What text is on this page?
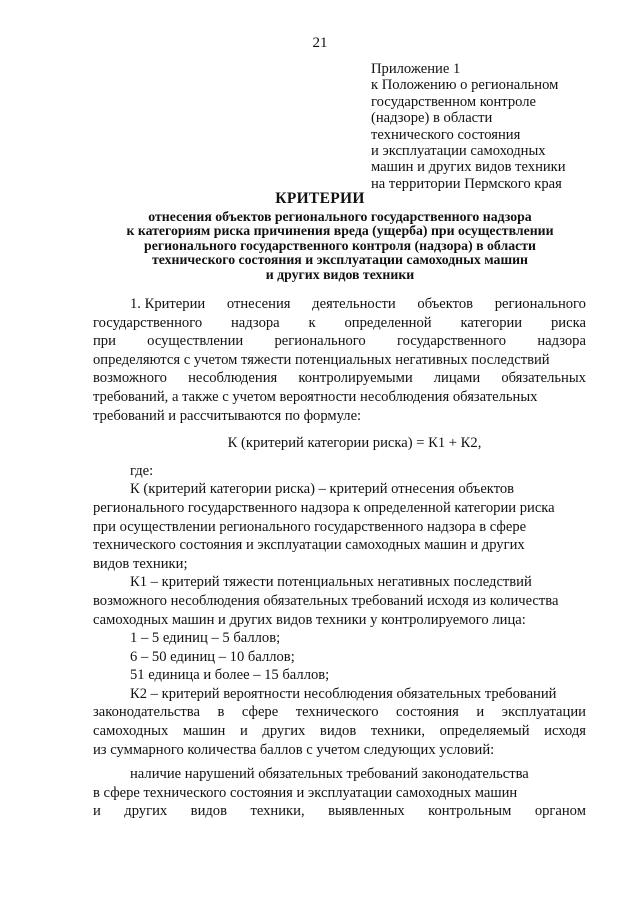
21
Приложение 1
к Положению о региональном
государственном контроле
(надзоре) в области
технического состояния
и эксплуатации самоходных
машин и других видов техники
на территории Пермского края
КРИТЕРИИ
отнесения объектов регионального государственного надзора
к категориям риска причинения вреда (ущерба) при осуществлении
регионального государственного контроля (надзора) в области
технического состояния и эксплуатации самоходных машин
и других видов техники
1. Критерии отнесения деятельности объектов регионального
государственного надзора к определенной категории риска
при осуществлении регионального государственного надзора
определяются с учетом тяжести потенциальных негативных последствий
возможного несоблюдения контролируемыми лицами обязательных
требований, а также с учетом вероятности несоблюдения обязательных
требований и рассчитываются по формуле:
К (критерий категории риска) = К1 + К2,
где:
К (критерий категории риска) – критерий отнесения объектов
регионального государственного надзора к определенной категории риска
при осуществлении регионального государственного надзора в сфере
технического состояния и эксплуатации самоходных машин и других
видов техники;
К1 – критерий тяжести потенциальных негативных последствий
возможного несоблюдения обязательных требований исходя из количества
самоходных машин и других видов техники у контролируемого лица:
1 – 5 единиц – 5 баллов;
6 – 50 единиц – 10 баллов;
51 единица и более – 15 баллов;
К2 – критерий вероятности несоблюдения обязательных требований
законодательства в сфере технического состояния и эксплуатации
самоходных машин и других видов техники, определяемый исходя
из суммарного количества баллов с учетом следующих условий:
наличие нарушений обязательных требований законодательства
в сфере технического состояния и эксплуатации самоходных машин
и других видов техники, выявленных контрольным органом
